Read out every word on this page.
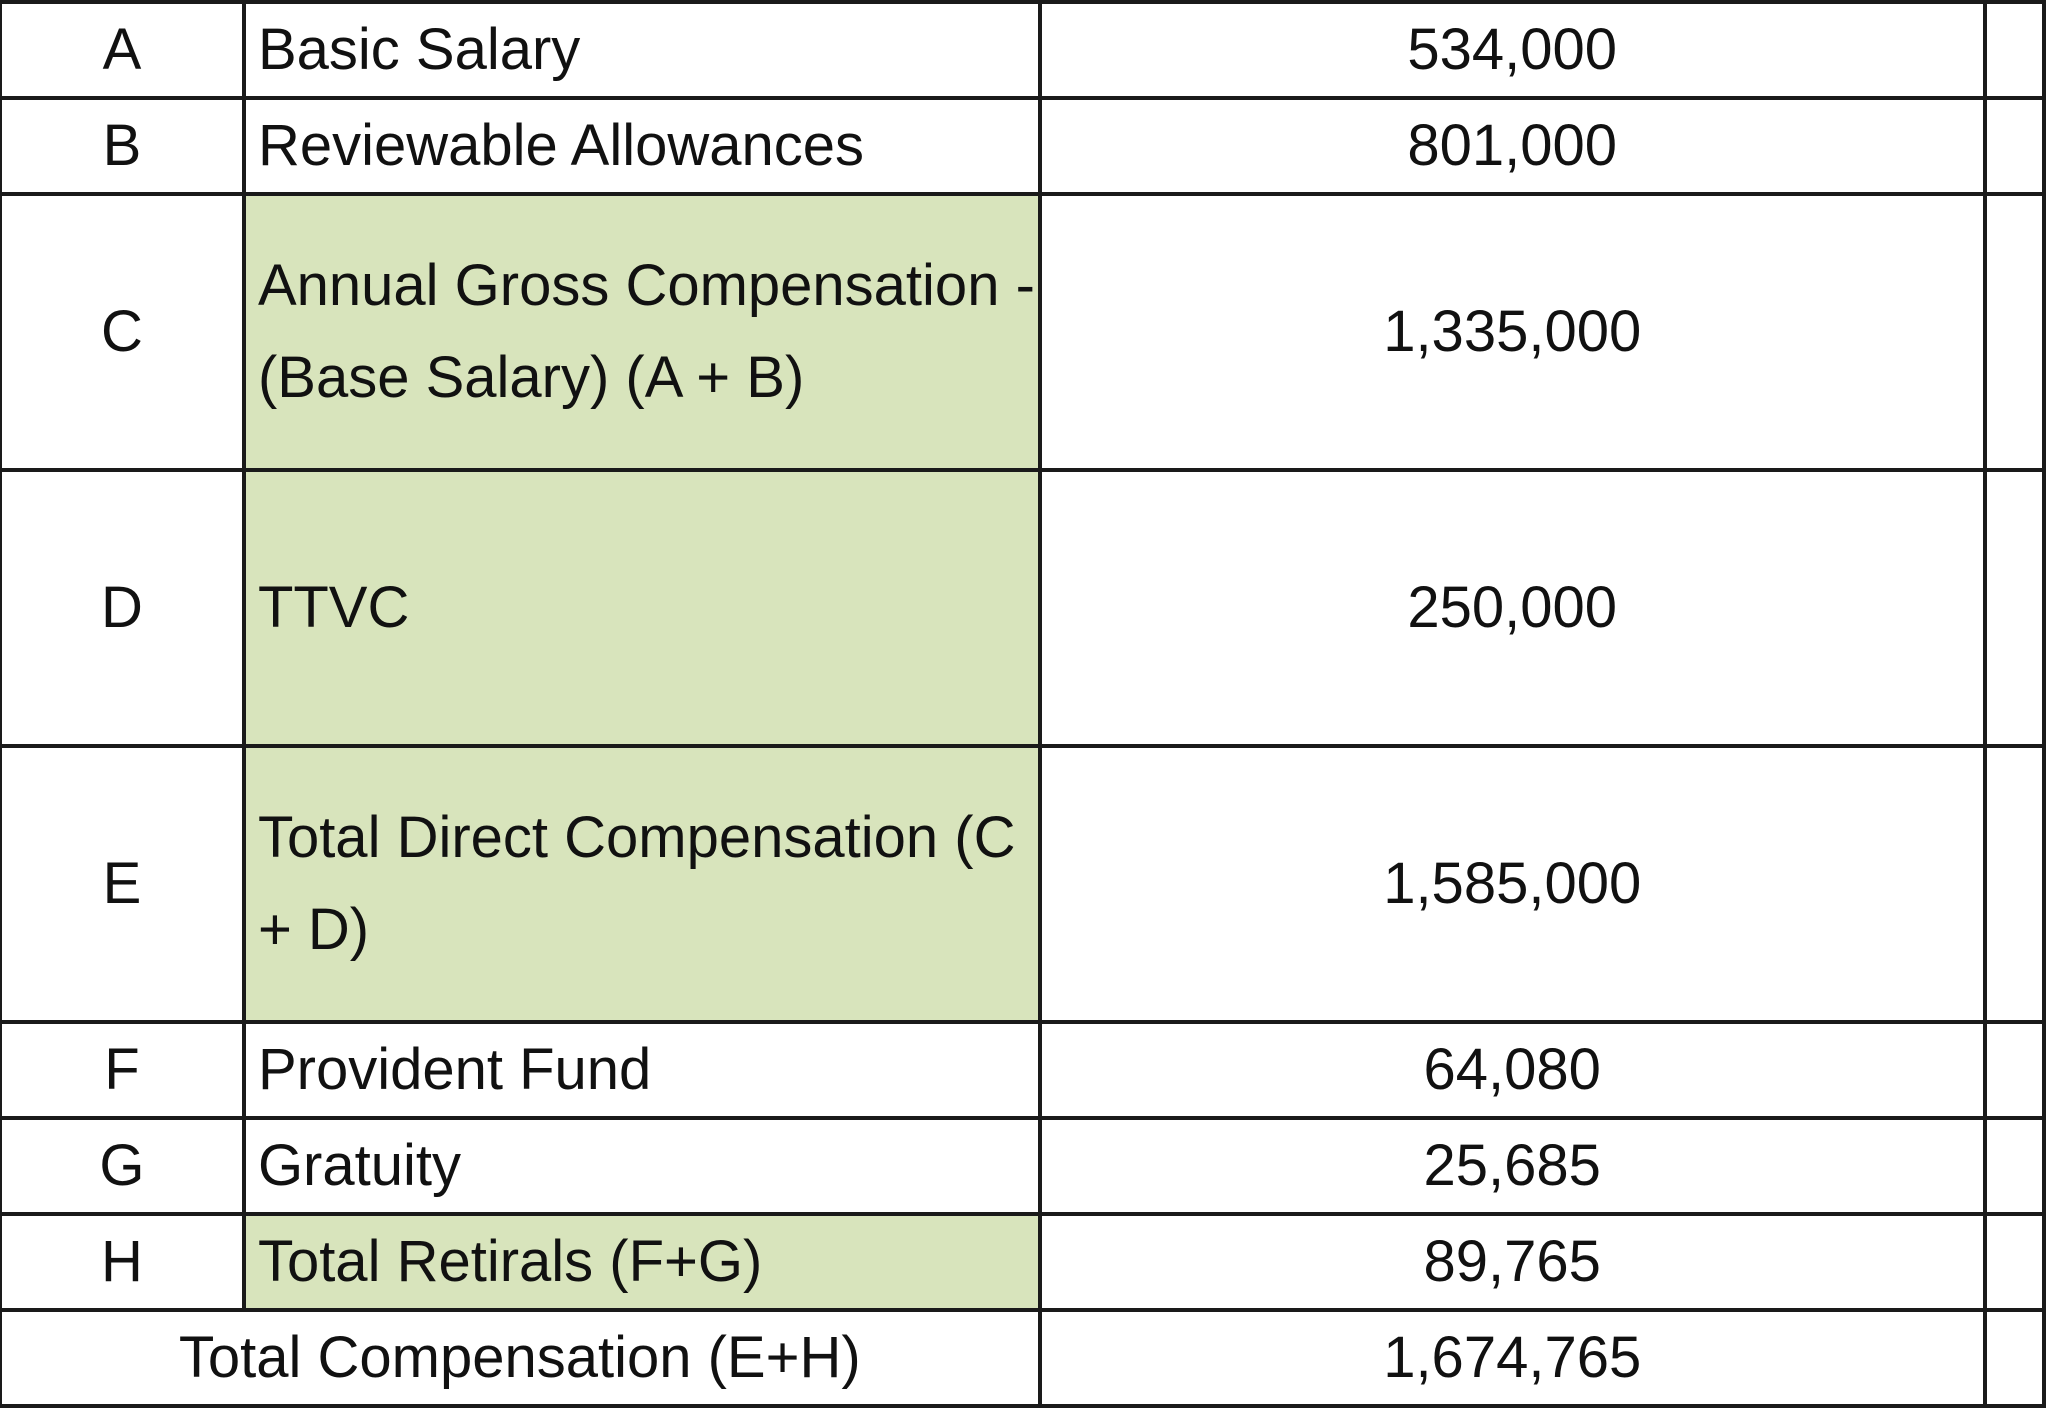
A	Basic Salary	534,000	
B	Reviewable Allowances	801,000	
C	Annual Gross Compensation - (Base Salary) (A + B)	1,335,000	
D	TTVC	250,000	
E	Total Direct Compensation (C + D)	1,585,000	
F	Provident Fund	64,080	
G	Gratuity	25,685	
H	Total Retirals (F+G)	89,765	
Total Compensation (E+H)		1,674,765	
